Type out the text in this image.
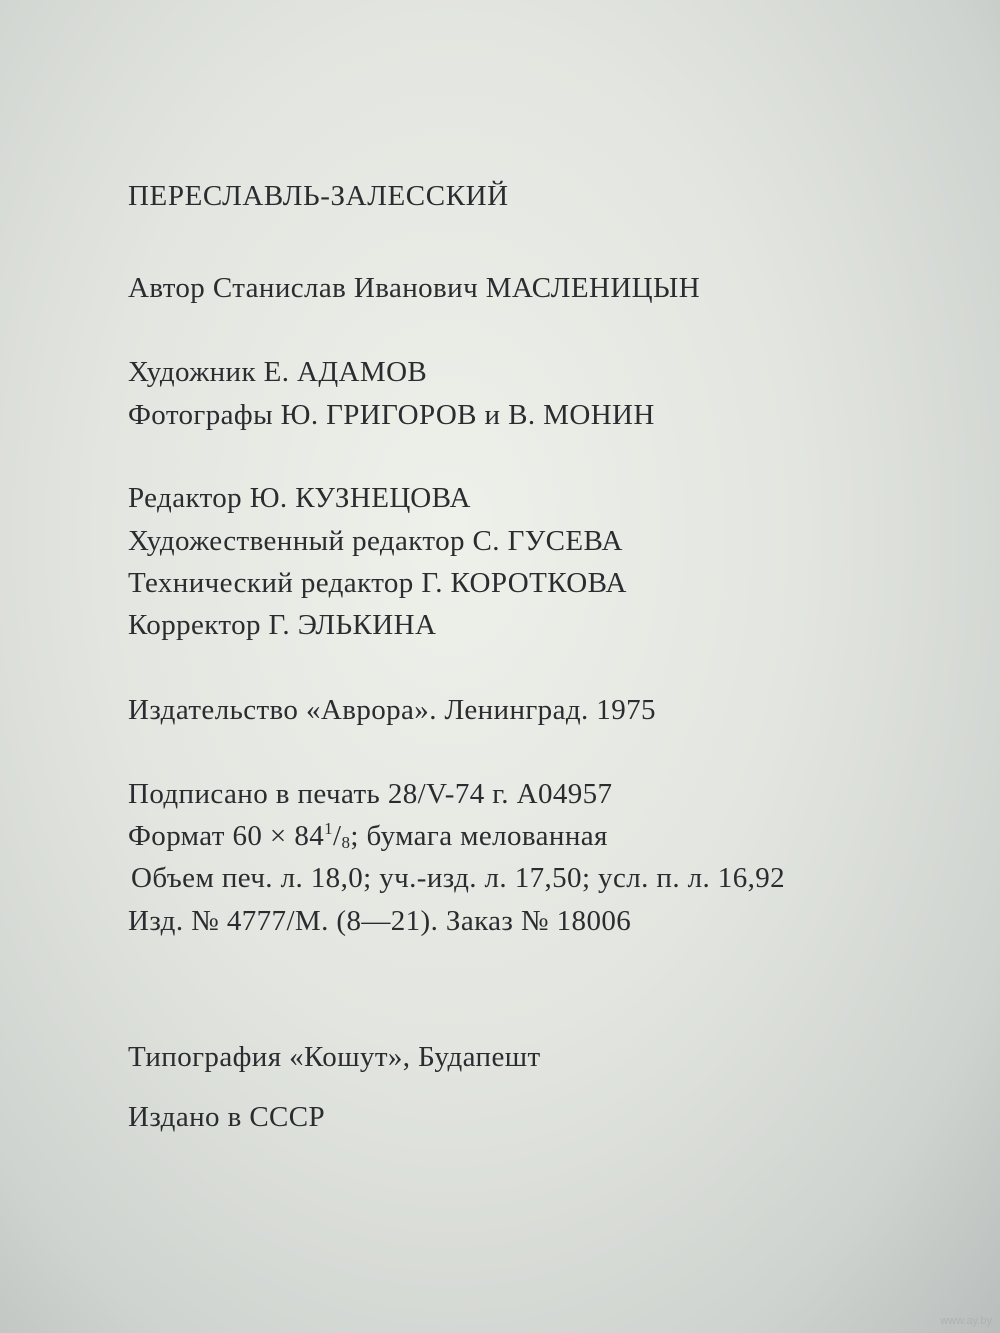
ПЕРЕСЛАВЛЬ-ЗАЛЕССКИЙ
Автор Станислав Иванович МАСЛЕНИЦЫН
Художник Е. АДАМОВ
Фотографы Ю. ГРИГОРОВ и В. МОНИН
Редактор Ю. КУЗНЕЦОВА
Художественный редактор С. ГУСЕВА
Технический редактор Г. КОРОТКОВА
Корректор Г. ЭЛЬКИНА
Издательство «Аврора». Ленинград. 1975
Подписано в печать 28/V-74 г. А04957
Формат $60 \times 84^1/_8$; бумага мелованная
Объем печ. л. 18,0; уч.-изд. л. 17,50; усл. п. л. 16,92
Изд. № 4777/М. (8—21). Заказ № 18006
Типография «Кошут», Будапешт
Издано в СССР
www.ay.by
